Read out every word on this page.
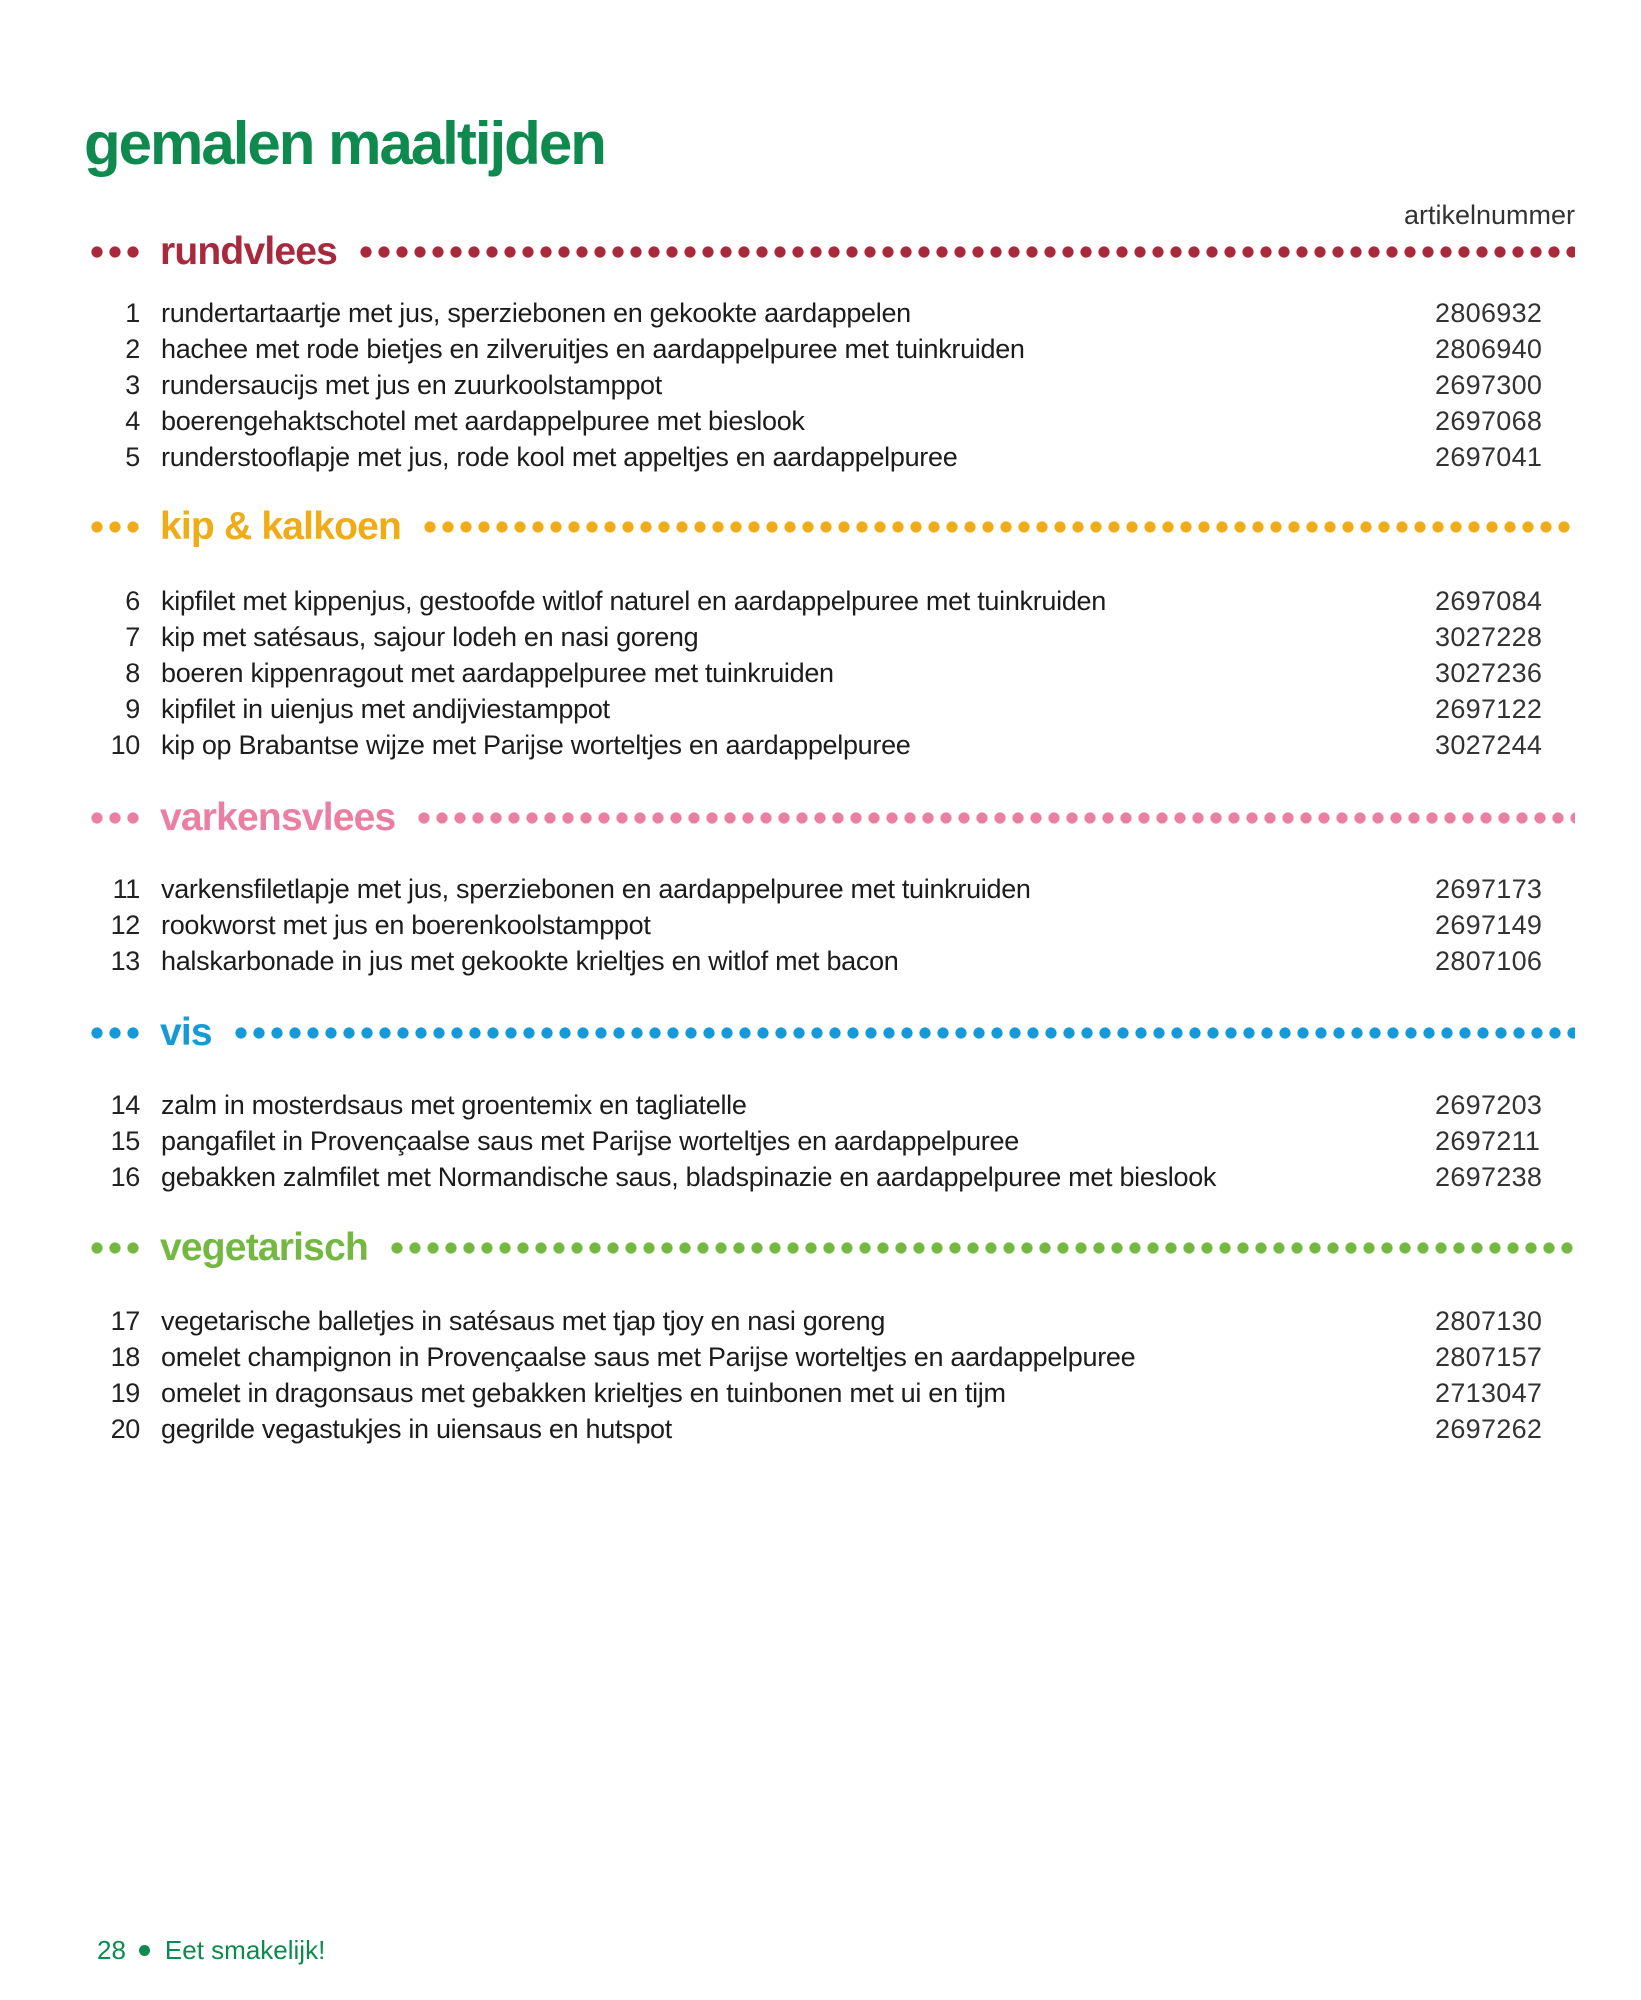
gemalen maaltijden
artikelnummer
rundvlees
1 rundertartaartje met jus, sperziebonen en gekookte aardappelen	2806932
2 hachee met rode bietjes en zilveruitjes en aardappelpuree met tuinkruiden	2806940
3 rundersaucijs met jus en zuurkoolstamppot	2697300
4 boerengehaktschotel met aardappelpuree met bieslook	2697068
5 runderstooflapje met jus, rode kool met appeltjes en aardappelpuree	2697041
kip & kalkoen
6 kipfilet met kippenjus, gestoofde witlof naturel en aardappelpuree met tuinkruiden	2697084
7 kip met satésaus, sajour lodeh en nasi goreng	3027228
8 boeren kippenragout met aardappelpuree met tuinkruiden	3027236
9 kipfilet in uienjus met andijviestamppot	2697122
10 kip op Brabantse wijze met Parijse worteltjes en aardappelpuree	3027244
varkensvlees
11 varkensfiletlapje met jus, sperziebonen en aardappelpuree met tuinkruiden	2697173
12 rookworst met jus en boerenkoolstamppot	2697149
13 halskarbonade in jus met gekookte krieltjes en witlof met bacon	2807106
vis
14 zalm in mosterdsaus met groentemix en tagliatelle	2697203
15 pangafilet in Provençaalse saus met Parijse worteltjes en aardappelpuree	2697211
16 gebakken zalmfilet met Normandische saus, bladspinazie en aardappelpuree met bieslook	2697238
vegetarisch
17 vegetarische balletjes in satésaus met tjap tjoy en nasi goreng	2807130
18 omelet champignon in Provençaalse saus met Parijse worteltjes en aardappelpuree	2807157
19 omelet in dragonsaus met gebakken krieltjes en tuinbonen met ui en tijm	2713047
20 gegrilde vegastukjes in uiensaus en hutspot	2697262
28 Eet smakelijk!
